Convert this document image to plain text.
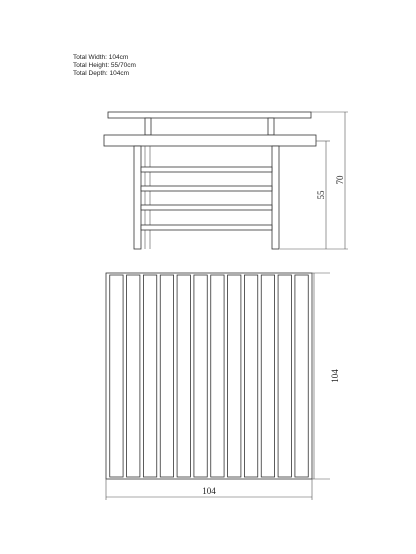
Total Width: 104cm
Total Height: 55/70cm
Total Depth: 104cm
55
70
104
104
